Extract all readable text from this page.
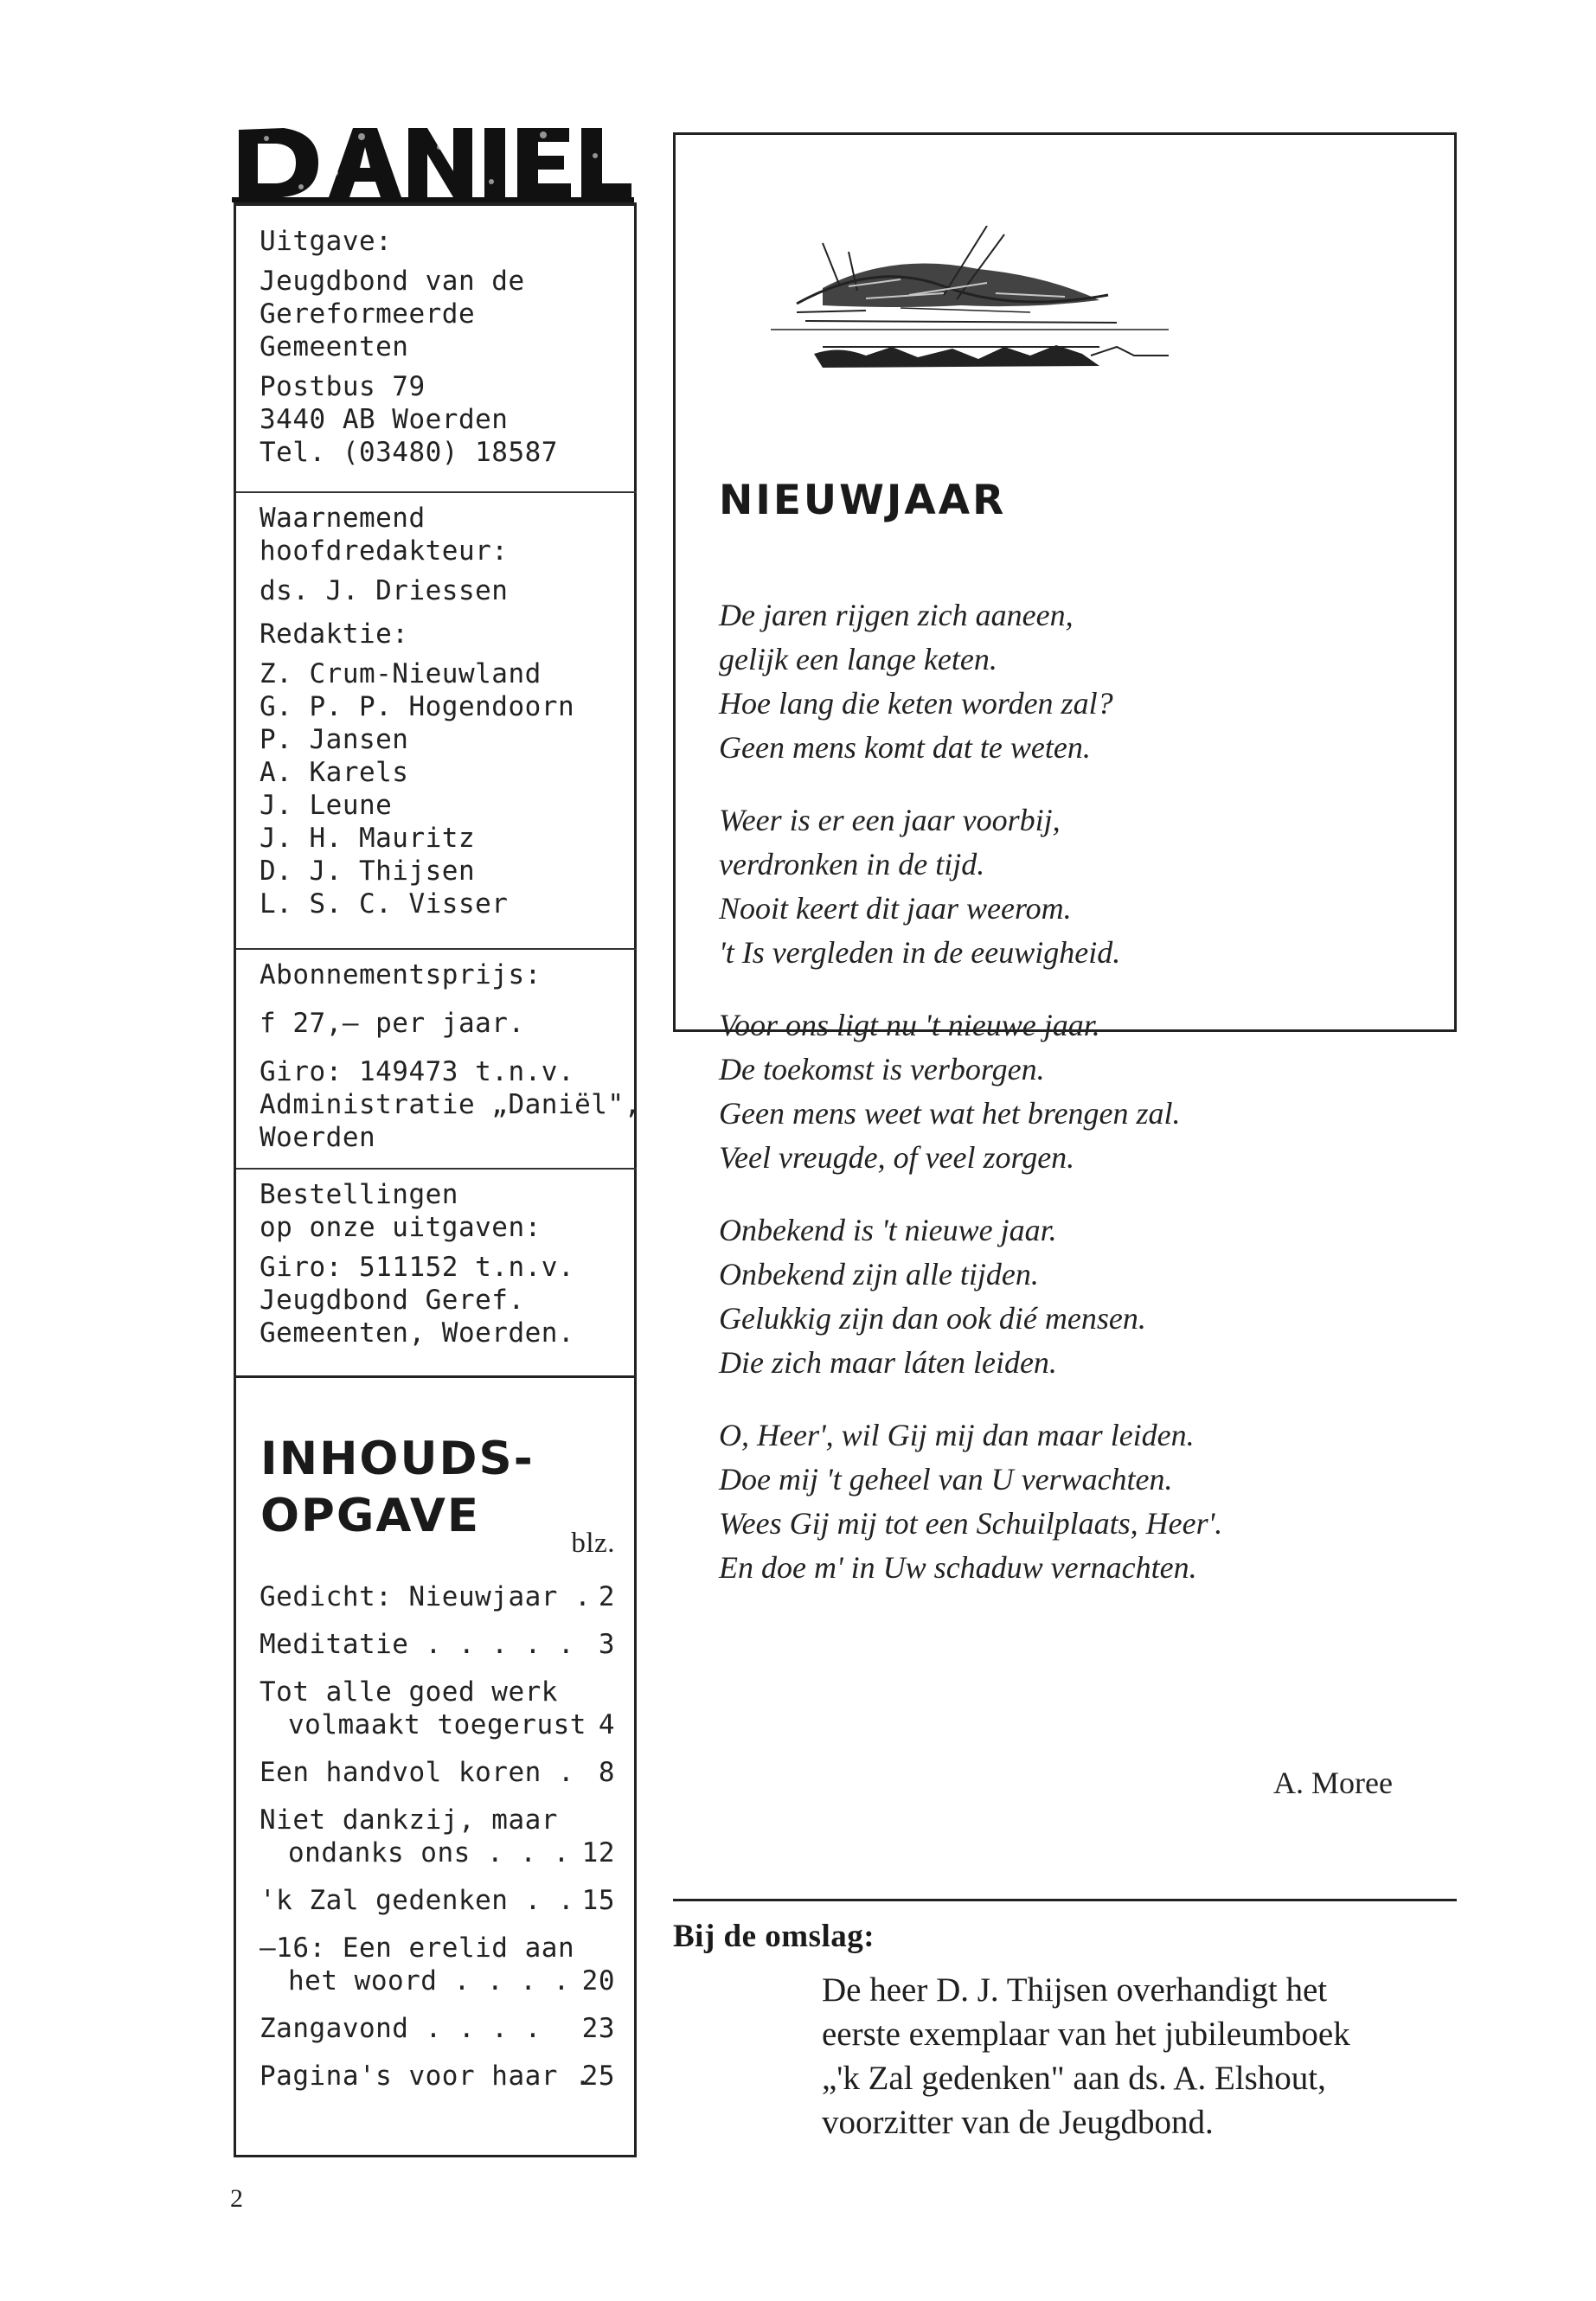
Uitgave:

Jeugdbond van de

Gereformeerde

Gemeenten

Postbus 79

3440 AB Woerden

Tel. (03480) 18587

Waarnemend

hoofdredakteur:

ds. J. Driessen

Redaktie:

Z. Crum-Nieuwland

G. P. P. Hogendoorn

P. Jansen

A. Karels

J. Leune

J. H. Mauritz

D. J. Thijsen

L. S. C. Visser

Abonnementsprijs:

f 27,— per jaar.

Giro: 149473 t.n.v.

Administratie „Daniël",

Woerden

Bestellingen

op onze uitgaven:

Giro: 511152 t.n.v.

Jeugdbond Geref.

Gemeenten, Woerden.

INHOUDS-
OPGAVE
blz.
Gedicht: Nieuwjaar . 2
Meditatie . . . . . 3
Tot alle goed werk
volmaakt toegerust 4
Een handvol koren . 8
Niet dankzij, maar
ondanks ons . . . 12
'k Zal gedenken . . 15
—16: Een erelid aan
het woord . . . . 20
Zangavond . . . .	23
Pagina's voor haar .
25
NIEUWJAAR

De jaren rijgen zich aaneen,

gelijk een lange keten.

Hoe lang die keten worden zal?

Geen mens komt dat te weten.

Weer is er een jaar voorbij,

verdronken in de tijd.

Nooit keert dit jaar weerom.

't Is vergleden in de eeuwigheid.

Voor ons ligt nu 't nieuwe jaar.

De toekomst is verborgen.

Geen mens weet wat het brengen zal.

Veel vreugde, of veel zorgen.

Onbekend is 't nieuwe jaar.

Onbekend zijn alle tijden.

Gelukkig zijn dan ook dié mensen.

Die zich maar láten leiden.

O, Heer', wil Gij mij dan maar leiden.

Doe mij 't geheel van U verwachten.

Wees Gij mij tot een Schuilplaats, Heer'.

En doe m' in Uw schaduw vernachten.

A. Moree
Bij de omslag:

De heer D. J. Thijsen overhandigt het

eerste exemplaar van het jubileumboek

„'k Zal gedenken" aan ds. A. Elshout,

voorzitter van de Jeugdbond.

2
